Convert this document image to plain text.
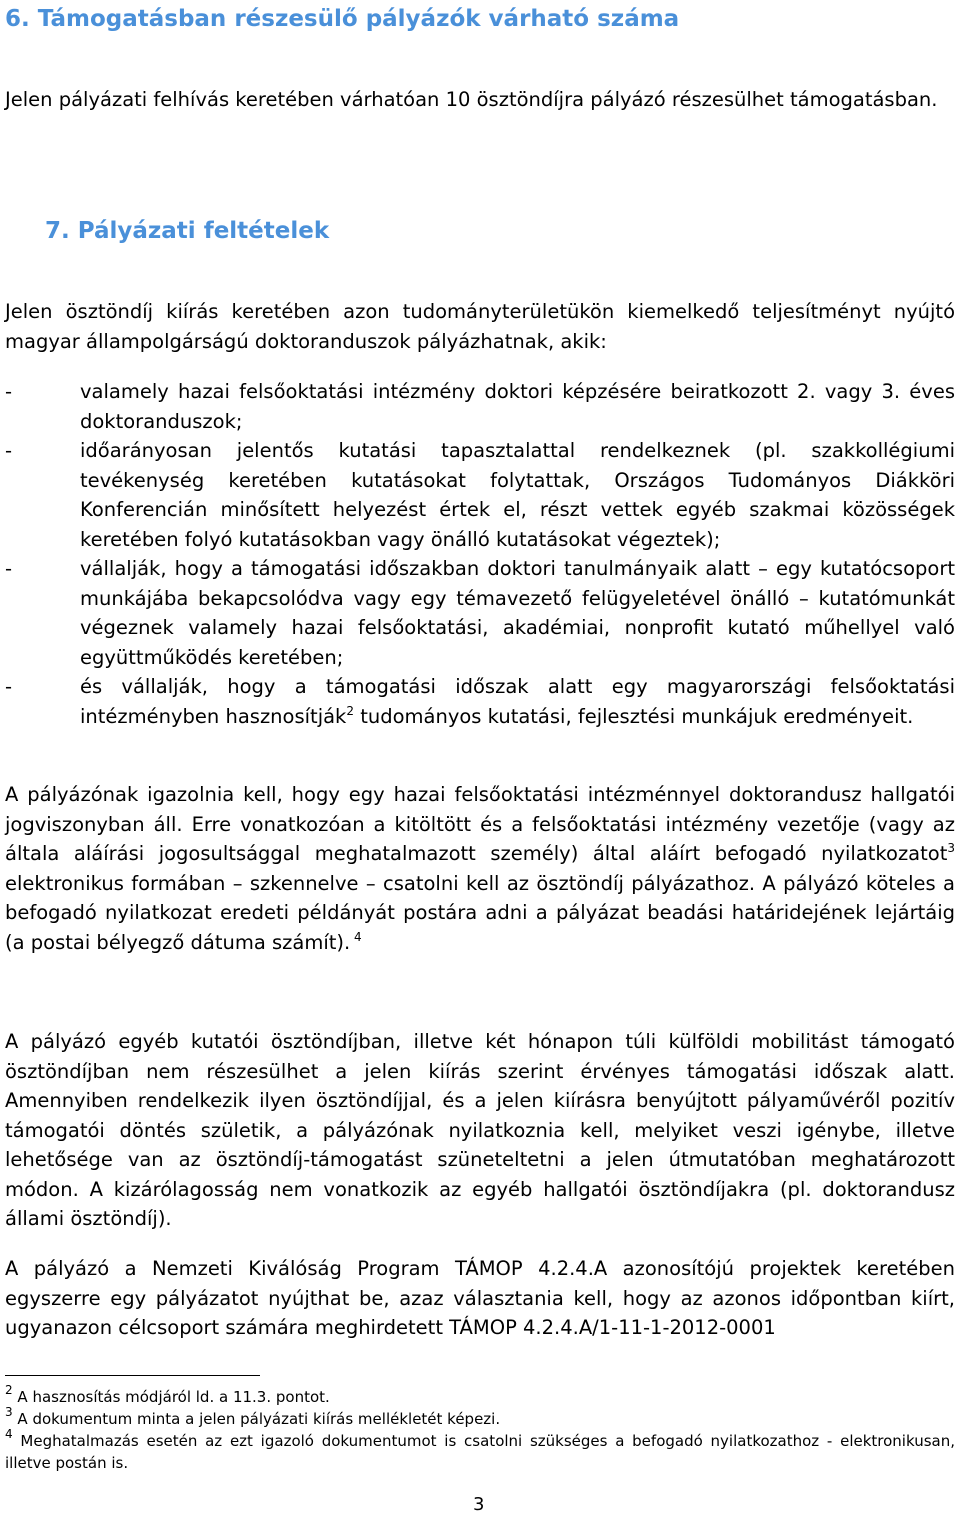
6. Támogatásban részesülő pályázók várható száma
Jelen pályázati felhívás keretében várhatóan 10 ösztöndíjra pályázó részesülhet támogatásban.
7. Pályázati feltételek
Jelen ösztöndíj kiírás keretében azon tudományterületükön kiemelkedő teljesítményt nyújtó magyar állampolgárságú doktoranduszok pályázhatnak, akik:
-	valamely hazai felsőoktatási intézmény doktori képzésére beiratkozott 2. vagy 3. éves doktoranduszok;
-	időarányosan jelentős kutatási tapasztalattal rendelkeznek (pl. szakkollégiumi tevékenység keretében kutatásokat folytattak, Országos Tudományos Diákköri Konferencián minősített helyezést értek el, részt vettek egyéb szakmai közösségek keretében folyó kutatásokban vagy önálló kutatásokat végeztek);
-	vállalják, hogy a támogatási időszakban doktori tanulmányaik alatt – egy kutatócsoport munkájába bekapcsolódva vagy egy témavezető felügyeletével önálló – kutatómunkát végeznek valamely hazai felsőoktatási, akadémiai, nonprofit kutató műhellyel való együttműködés keretében;
-	és vállalják, hogy a támogatási időszak alatt egy magyarországi felsőoktatási intézményben hasznosítják$^2$ tudományos kutatási, fejlesztési munkájuk eredményeit.
A pályázónak igazolnia kell, hogy egy hazai felsőoktatási intézménnyel doktorandusz hallgatói jogviszonyban áll. Erre vonatkozóan a kitöltött és a felsőoktatási intézmény vezetője (vagy az általa aláírási jogosultsággal meghatalmazott személy) által aláírt befogadó nyilatkozatot$^3$ elektronikus formában – szkennelve – csatolni kell az ösztöndíj pályázathoz. A pályázó köteles a befogadó nyilatkozat eredeti példányát postára adni a pályázat beadási határidejének lejártáig (a postai bélyegző dátuma számít). $^4$
A pályázó egyéb kutatói ösztöndíjban, illetve két hónapon túli külföldi mobilitást támogató ösztöndíjban nem részesülhet a jelen kiírás szerint érvényes támogatási időszak alatt. Amennyiben rendelkezik ilyen ösztöndíjjal, és a jelen kiírásra benyújtott pályaművéről pozitív támogatói döntés születik, a pályázónak nyilatkoznia kell, melyiket veszi igénybe, illetve lehetősége van az ösztöndíj-támogatást szüneteltetni a jelen útmutatóban meghatározott módon. A kizárólagosság nem vonatkozik az egyéb hallgatói ösztöndíjakra (pl. doktorandusz állami ösztöndíj).
A pályázó a Nemzeti Kiválóság Program TÁMOP 4.2.4.A azonosítójú projektek keretében egyszerre egy pályázatot nyújthat be, azaz választania kell, hogy az azonos időpontban kiírt, ugyanazon célcsoport számára meghirdetett TÁMOP 4.2.4.A/1-11-1-2012-0001
$^2$ A hasznosítás módjáról ld. a 11.3. pontot.
$^3$ A dokumentum minta a jelen pályázati kiírás mellékletét képezi.
$^4$ Meghatalmazás esetén az ezt igazoló dokumentumot is csatolni szükséges a befogadó nyilatkozathoz - elektronikusan, illetve postán is.
3
